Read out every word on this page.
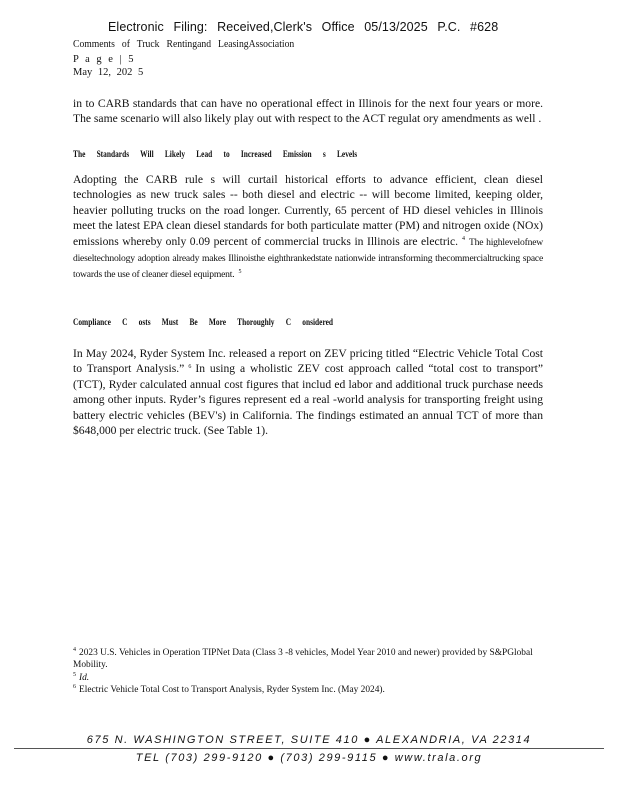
Electronic Filing: Received,Clerk's Office 05/13/2025 P.C. #628
Comments of Truck Rentingand LeasingAssociation
P a g e | 5
May 12, 202 5

in to CARB standards that can have no operational effect in Illinois for the next four years or more. The same scenario will also likely play out with respect to the ACT regulat ory amendments as well .

The Standards Will Likely Lead to Increased Emission s Levels

Adopting the CARB rule s will curtail historical efforts to advance efficient, clean diesel technologies as new truck sales -- both diesel and electric -- will become limited, keeping older, heavier polluting trucks on the road longer. Currently, 65 percent of HD diesel vehicles in Illinois meet the latest EPA clean diesel standards for both particulate matter (PM) and nitrogen oxide (NOx) emissions whereby only 0.09 percent of commercial trucks in Illinois are electric. $^4$ The highlevelofnew dieseltechnology adoption already makes Illinoisthe eighthrankedstate nationwide intransforming thecommercialtrucking space towards the use of cleaner diesel equipment. $^5$

Compliance C osts Must Be More Thoroughly C onsidered

In May 2024, Ryder System Inc. released a report on ZEV pricing titled “Electric Vehicle Total Cost to Transport Analysis.” $^6$ In using a wholistic ZEV cost approach called “total cost to transport” (TCT), Ryder calculated annual cost figures that includ ed labor and additional truck purchase needs among other inputs. Ryder’s figures represent ed a real -world analysis for transporting freight using battery electric vehicles (BEV's) in California. The findings estimated an annual TCT of more than $648,000 per electric truck. (See Table 1).

$^4$ 2023 U.S. Vehicles in Operation TIPNet Data (Class 3 -8 vehicles, Model Year 2010 and newer) provided by S&PGlobal Mobility.

$^5$ Id.

$^6$ Electric Vehicle Total Cost to Transport Analysis, Ryder System Inc. (May 2024).

675 N. WASHINGTON STREET, SUITE 410 ● ALEXANDRIA, VA 22314
TEL (703) 299-9120 ● (703) 299-9115 ● www.trala.org
